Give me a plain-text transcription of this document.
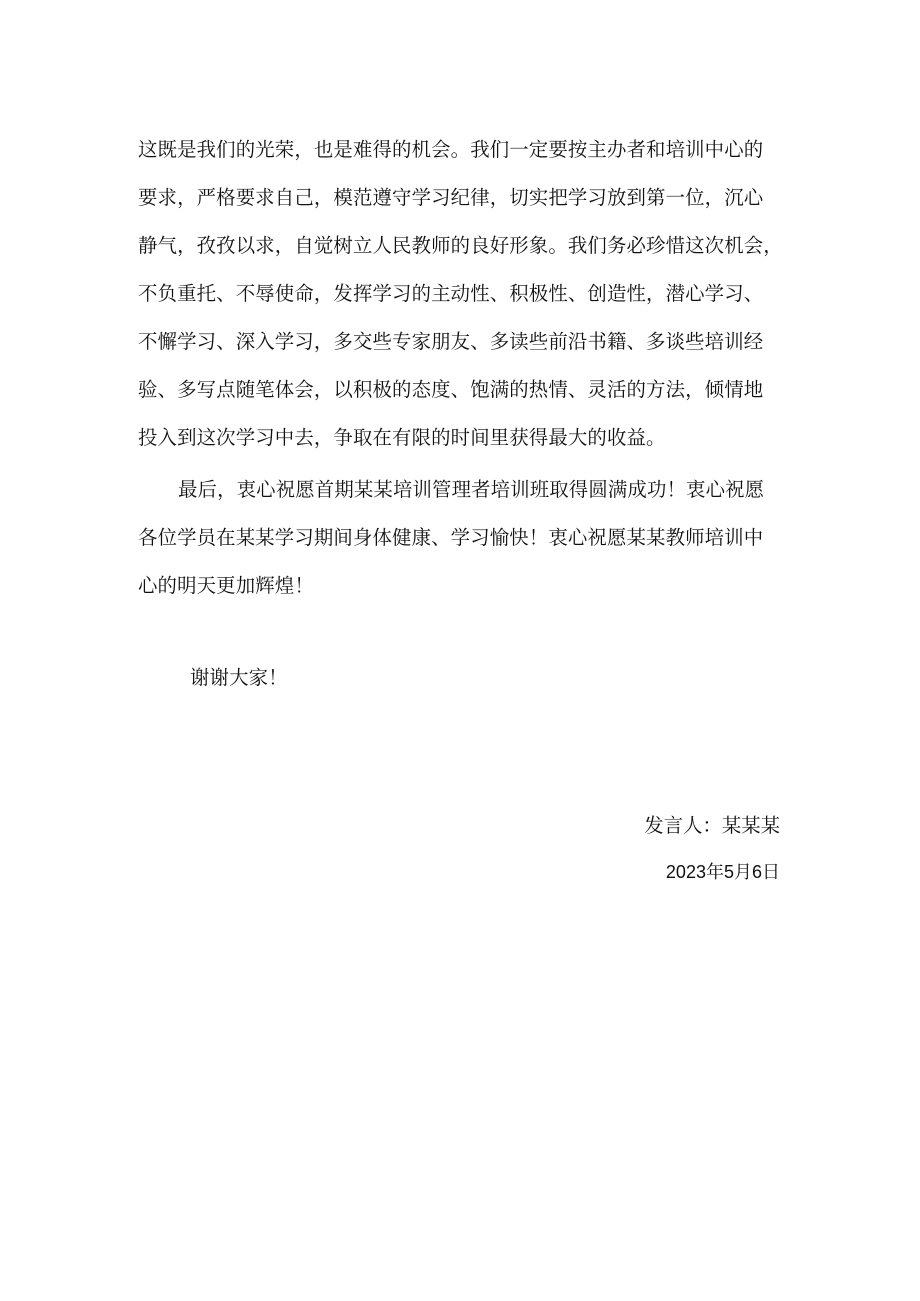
这既是我们的光荣，也是难得的机会。我们一定要按主办者和培训中心的
要求，严格要求自己，模范遵守学习纪律，切实把学习放到第一位，沉心
静气，孜孜以求，自觉树立人民教师的良好形象。我们务必珍惜这次机会，
不负重托、不辱使命，发挥学习的主动性、积极性、创造性，潜心学习、
不懈学习、深入学习，多交些专家朋友、多读些前沿书籍、多谈些培训经
验、多写点随笔体会，以积极的态度、饱满的热情、灵活的方法，倾情地
投入到这次学习中去，争取在有限的时间里获得最大的收益。
最后，衷心祝愿首期某某培训管理者培训班取得圆满成功！衷心祝愿
各位学员在某某学习期间身体健康、学习愉快！衷心祝愿某某教师培训中
心的明天更加辉煌！
谢谢大家！
发言人：某某某
2023年5月6日
